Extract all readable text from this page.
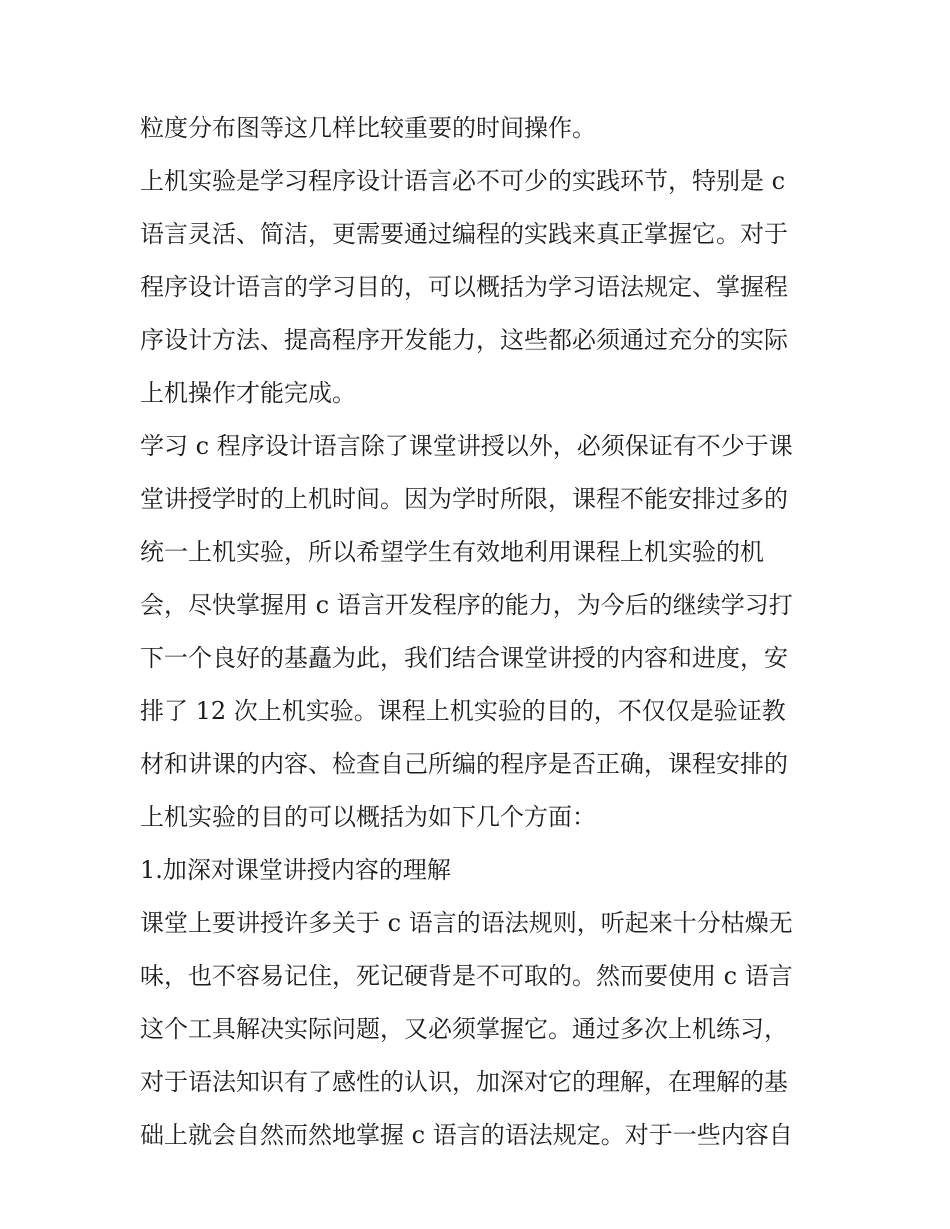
粒度分布图等这几样比较重要的时间操作。

上机实验是学习程序设计语言必不可少的实践环节，特别是 c

语言灵活、简洁，更需要通过编程的实践来真正掌握它。对于

程序设计语言的学习目的，可以概括为学习语法规定、掌握程

序设计方法、提高程序开发能力，这些都必须通过充分的实际

上机操作才能完成。

学习 c 程序设计语言除了课堂讲授以外，必须保证有不少于课

堂讲授学时的上机时间。因为学时所限，课程不能安排过多的

统一上机实验，所以希望学生有效地利用课程上机实验的机

会，尽快掌握用 c 语言开发程序的能力，为今后的继续学习打

下一个良好的基矗为此，我们结合课堂讲授的内容和进度，安

排了 12 次上机实验。课程上机实验的目的，不仅仅是验证教

材和讲课的内容、检查自己所编的程序是否正确，课程安排的

上机实验的目的可以概括为如下几个方面：

1.加深对课堂讲授内容的理解

课堂上要讲授许多关于 c 语言的语法规则，听起来十分枯燥无

味，也不容易记住，死记硬背是不可取的。然而要使用 c 语言

这个工具解决实际问题，又必须掌握它。通过多次上机练习，

对于语法知识有了感性的认识，加深对它的理解，在理解的基

础上就会自然而然地掌握 c 语言的语法规定。对于一些内容自
